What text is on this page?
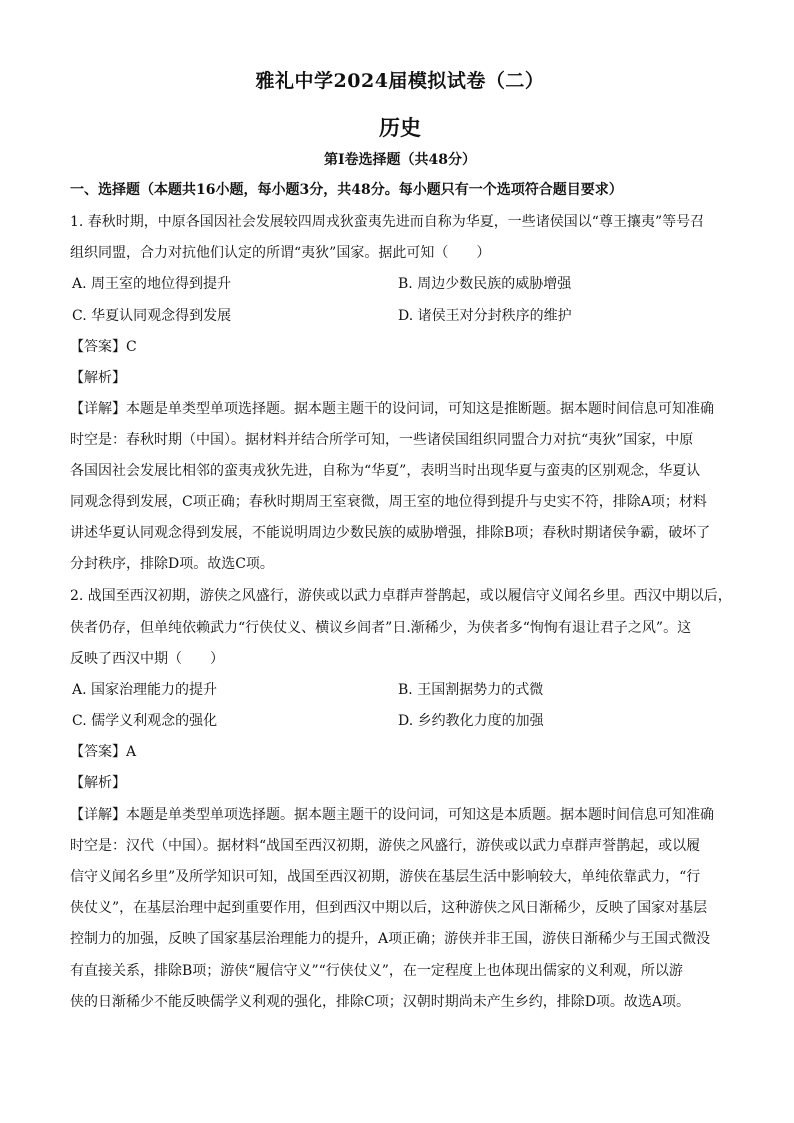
雅礼中学2024届模拟试卷（二）
历史
第Ⅰ卷选择题（共48分）
一、选择题（本题共16小题，每小题3分，共48分。每小题只有一个选项符合题目要求）
1. 春秋时期，中原各国因社会发展较四周戎狄蛮夷先进而自称为华夏，一些诸侯国以“尊王攘夷”等号召
组织同盟，合力对抗他们认定的所谓“夷狄”国家。据此可知（　　）
A. 周王室的地位得到提升	B. 周边少数民族的威胁增强
C. 华夏认同观念得到发展	D. 诸侯王对分封秩序的维护
【答案】C
【解析】
【详解】本题是单类型单项选择题。据本题主题干的设问词，可知这是推断题。据本题时间信息可知准确
时空是：春秋时期（中国）。据材料并结合所学可知，一些诸侯国组织同盟合力对抗“夷狄”国家，中原
各国因社会发展比相邻的蛮夷戎狄先进，自称为“华夏”，表明当时出现华夏与蛮夷的区别观念，华夏认
同观念得到发展，C项正确；春秋时期周王室衰微，周王室的地位得到提升与史实不符，排除A项；材料
讲述华夏认同观念得到发展，不能说明周边少数民族的威胁增强，排除B项；春秋时期诸侯争霸，破坏了
分封秩序，排除D项。故选C项。
2. 战国至西汉初期，游侠之风盛行，游侠或以武力卓群声誉鹊起，或以履信守义闻名乡里。西汉中期以后，
侠者仍存，但单纯依赖武力“行侠仗义、横议乡闾者”日.渐稀少，为侠者多“恂恂有退让君子之风”。这
反映了西汉中期（　　）
A. 国家治理能力的提升	B. 王国割据势力的式微
C. 儒学义利观念的强化	D. 乡约教化力度的加强
【答案】A
【解析】
【详解】本题是单类型单项选择题。据本题主题干的设问词，可知这是本质题。据本题时间信息可知准确
时空是：汉代（中国）。据材料“战国至西汉初期，游侠之风盛行，游侠或以武力卓群声誉鹊起，或以履
信守义闻名乡里”及所学知识可知，战国至西汉初期，游侠在基层生活中影响较大，单纯依靠武力，“行
侠仗义”，在基层治理中起到重要作用，但到西汉中期以后，这种游侠之风日渐稀少，反映了国家对基层
控制力的加强，反映了国家基层治理能力的提升，A项正确；游侠并非王国，游侠日渐稀少与王国式微没
有直接关系，排除B项；游侠“履信守义”“行侠仗义”，在一定程度上也体现出儒家的义利观，所以游
侠的日渐稀少不能反映儒学义利观的强化，排除C项；汉朝时期尚未产生乡约，排除D项。故选A项。
